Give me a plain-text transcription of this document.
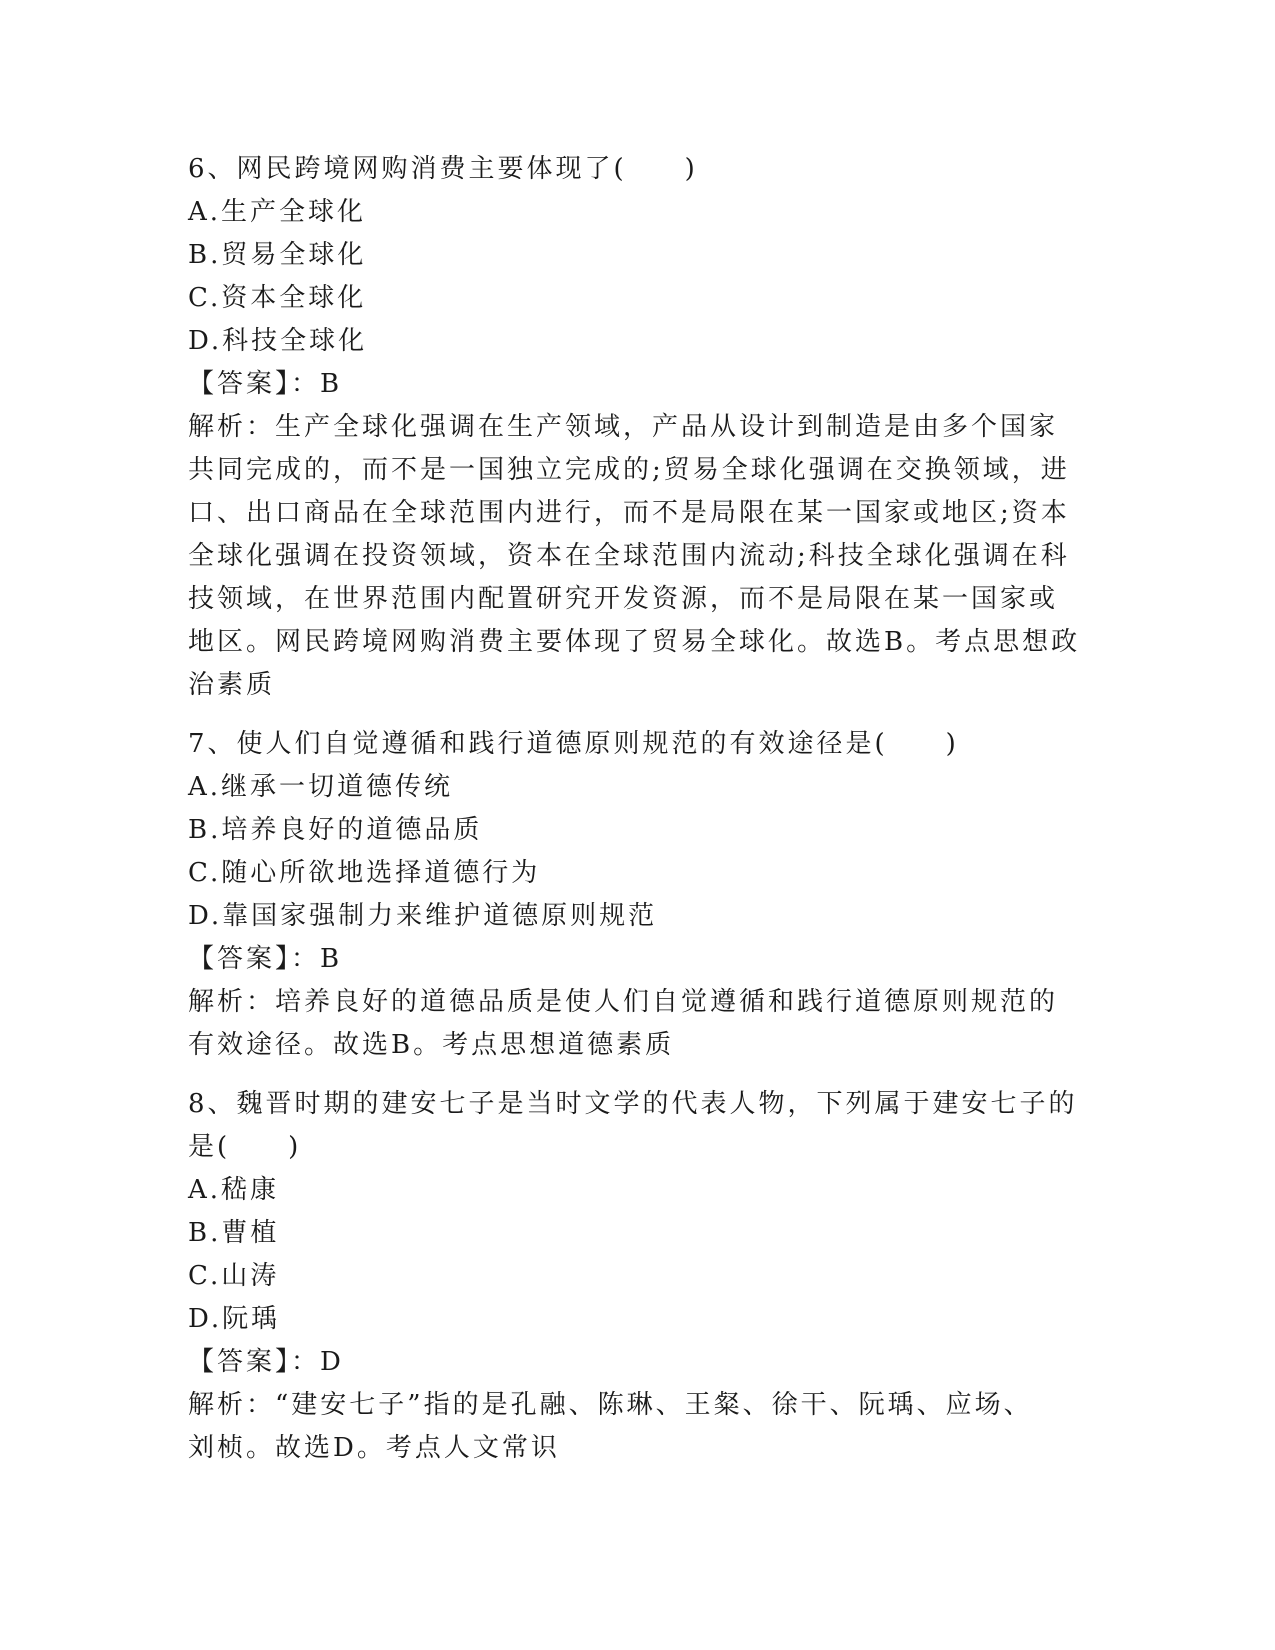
6、网民跨境网购消费主要体现了(　　)

A.生产全球化

B.贸易全球化

C.资本全球化

D.科技全球化

【答案】：B

解析：生产全球化强调在生产领域，产品从设计到制造是由多个国家

共同完成的，而不是一国独立完成的;贸易全球化强调在交换领域，进

口、出口商品在全球范围内进行，而不是局限在某一国家或地区;资本

全球化强调在投资领域，资本在全球范围内流动;科技全球化强调在科

技领域，在世界范围内配置研究开发资源，而不是局限在某一国家或

地区。网民跨境网购消费主要体现了贸易全球化。故选B。考点思想政

治素质

7、使人们自觉遵循和践行道德原则规范的有效途径是(　　)

A.继承一切道德传统

B.培养良好的道德品质

C.随心所欲地选择道德行为

D.靠国家强制力来维护道德原则规范

【答案】：B

解析：培养良好的道德品质是使人们自觉遵循和践行道德原则规范的

有效途径。故选B。考点思想道德素质

8、魏晋时期的建安七子是当时文学的代表人物，下列属于建安七子的

是(　　)

A.嵇康

B.曹植

C.山涛

D.阮瑀

【答案】：D

解析：“建安七子”指的是孔融、陈琳、王粲、徐干、阮瑀、应场、

刘桢。故选D。考点人文常识
